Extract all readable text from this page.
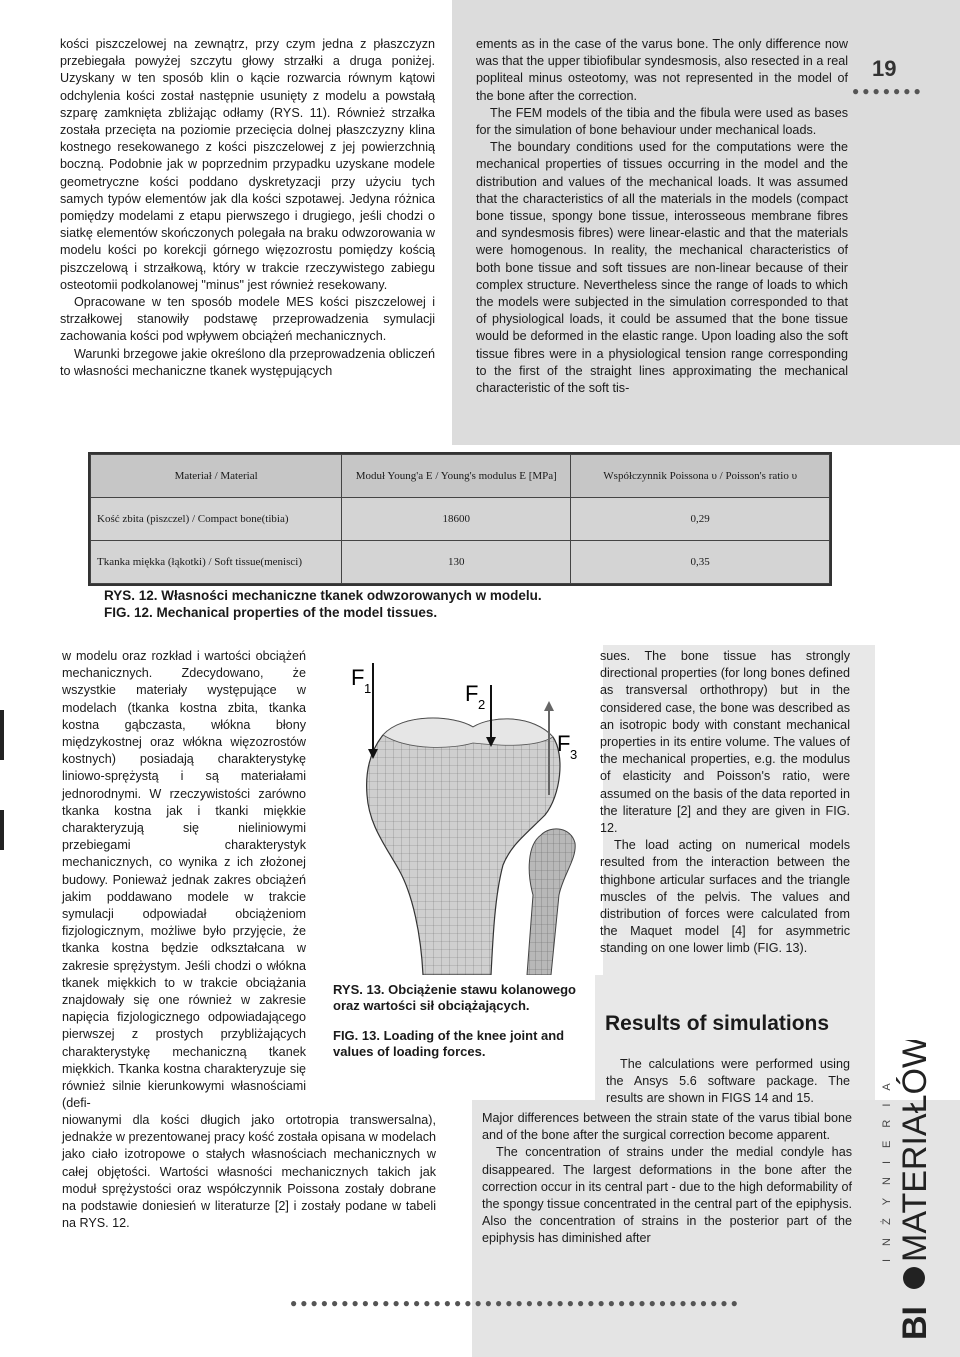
19
●●●●●●●

kości piszczelowej na zewnątrz, przy czym jedna z płaszczyzn przebiegała powyżej szczytu głowy strzałki a druga poniżej. Uzyskany w ten sposób klin o kącie rozwarcia równym kątowi odchylenia kości został następnie usunięty z modelu a powstałą szparę zamknięta zbliżając odłamy (RYS. 11). Również strzałka została przecięta na poziomie przecięcia dolnej płaszczyzny klina kostnego resekowanego z kości piszczelowej z jej powierzchnią boczną. Podobnie jak w poprzednim przypadku uzyskane modele geometryczne kości poddano dyskretyzacji przy użyciu tych samych typów elementów jak dla kości szpotawej. Jedyna różnica pomiędzy modelami z etapu pierwszego i drugiego, jeśli chodzi o siatkę elementów skończonych polegała na braku odwzorowania w modelu kości po korekcji górnego więzozrostu pomiędzy kością piszczelową i strzałkową, który w trakcie rzeczywistego zabiegu osteotomii podkolanowej "minus" jest również resekowany.

Opracowane w ten sposób modele MES kości piszczelowej i strzałkowej stanowiły podstawę przeprowadzenia symulacji zachowania kości pod wpływem obciążeń mechanicznych.

Warunki brzegowe jakie określono dla przeprowadzenia obliczeń to własności mechaniczne tkanek występujących

ements as in the case of the varus bone. The only difference now was that the upper tibiofibular syndesmosis, also resected in a real popliteal minus osteotomy, was not represented in the model of the bone after the correction.

The FEM models of the tibia and the fibula were used as bases for the simulation of bone behaviour under mechanical loads.

The boundary conditions used for the computations were the mechanical properties of tissues occurring in the model and the distribution and values of the mechanical loads. It was assumed that the characteristics of all the materials in the models (compact bone tissue, spongy bone tissue, interosseous membrane fibres and syndesmosis fibres) were linear-elastic and that the materials were homogenous. In reality, the mechanical characteristics of both bone tissue and soft tissues are non-linear because of their complex structure. Nevertheless since the range of loads to which the models were subjected in the simulation corresponded to that of physiological loads, it could be assumed that the bone tissue would be deformed in the elastic range. Upon loading also the soft tissue fibres were in a physiological tension range corresponding to the first of the straight lines approximating the mechanical characteristic of the soft tis-

Materiał / Material	Moduł Young'a E / Young's modulus E [MPa]	Współczynnik Poissona υ / Poisson's ratio υ
Kość zbita (piszczel) / Compact bone(tibia)	18600	0,29
Tkanka miękka (łąkotki) / Soft tissue(menisci)	130	0,35
RYS. 12. Własności mechaniczne tkanek odwzorowanych w modelu.
FIG. 12. Mechanical properties of the model tissues.

w modelu oraz rozkład i wartości obciążeń mechanicznych. Zdecydowano, że wszystkie materiały występujące w modelach (tkanka kostna zbita, tkanka kostna gąbczasta, włókna błony międzykostnej oraz włókna więzozrostów kostnych) posiadają charakterystykę liniowo-sprężystą i są materiałami jednorodnymi. W rzeczywistości zarówno tkanka kostna jak i tkanki miękkie charakteryzują się nieliniowymi przebiegami charakterystyk mechanicznych, co wynika z ich złożonej budowy. Ponieważ jednak zakres obciążeń jakim poddawano modele w trakcie symulacji odpowiadał obciążeniom fizjologicznym, możliwe było przyjęcie, że tkanka kostna będzie odkształcana w zakresie sprężystym. Jeśli chodzi o włókna tkanek miękkich to w trakcie obciążania znajdowały się one również w zakresie napięcia fizjologicznego odpowiadającego pierwszej z prostych przybliżających charakterystykę mechaniczną tkanek miękkich. Tkanka kostna charakteryzuje się również silnie kierunkowymi własnościami (defi-

niowanymi dla kości długich jako ortotropia transwersalna), jednakże w prezentowanej pracy kość została opisana w modelach jako ciało izotropowe o stałych własnościach mechanicznych w całej objętości. Wartości własności mechanicznych takich jak moduł sprężystości oraz współczynnik Poissona zostały dobrane na podstawie doniesień w literaturze [2] i zostały podane w tabeli na RYS. 12.

F 1	F 2
F 3
RYS. 13. Obciążenie stawu kolanowego oraz wartości sił obciążających.
FIG. 13. Loading of the knee joint and values of loading forces.

sues. The bone tissue has strongly directional properties (for long bones defined as transversal orthothropy) but in the considered case, the bone was described as an isotropic body with constant mechanical properties in its entire volume. The values of the mechanical properties, e.g. the modulus of elasticity and Poisson's ratio, were assumed on the basis of the data reported in the literature [2] and they are given in FIG. 12.

The load acting on numerical models resulted from the interaction between the thighbone articular surfaces and the triangle muscles of the pelvis. The values and distribution of forces were calculated from the Maquet model [4] for asymmetric standing on one lower limb (FIG. 13).

Results of simulations

The calculations were performed using the Ansys 5.6 software package. The results are shown in FIGS 14 and 15.

Major differences between the strain state of the varus tibial bone and of the bone after the surgical correction become apparent.

The concentration of strains under the medial condyle has disappeared. The largest deformations in the bone after the correction occur in its central part - due to the high deformability of the spongy tissue concentrated in the central part of the epiphysis. Also the concentration of strains in the posterior part of the epiphysis has diminished after

BI
MATERIAŁÓW
INŻYNIERIA
●●●●●●●●●●●●●●●●●●●●●●●●●●●●●●●●●●●●●●●●●●●●
